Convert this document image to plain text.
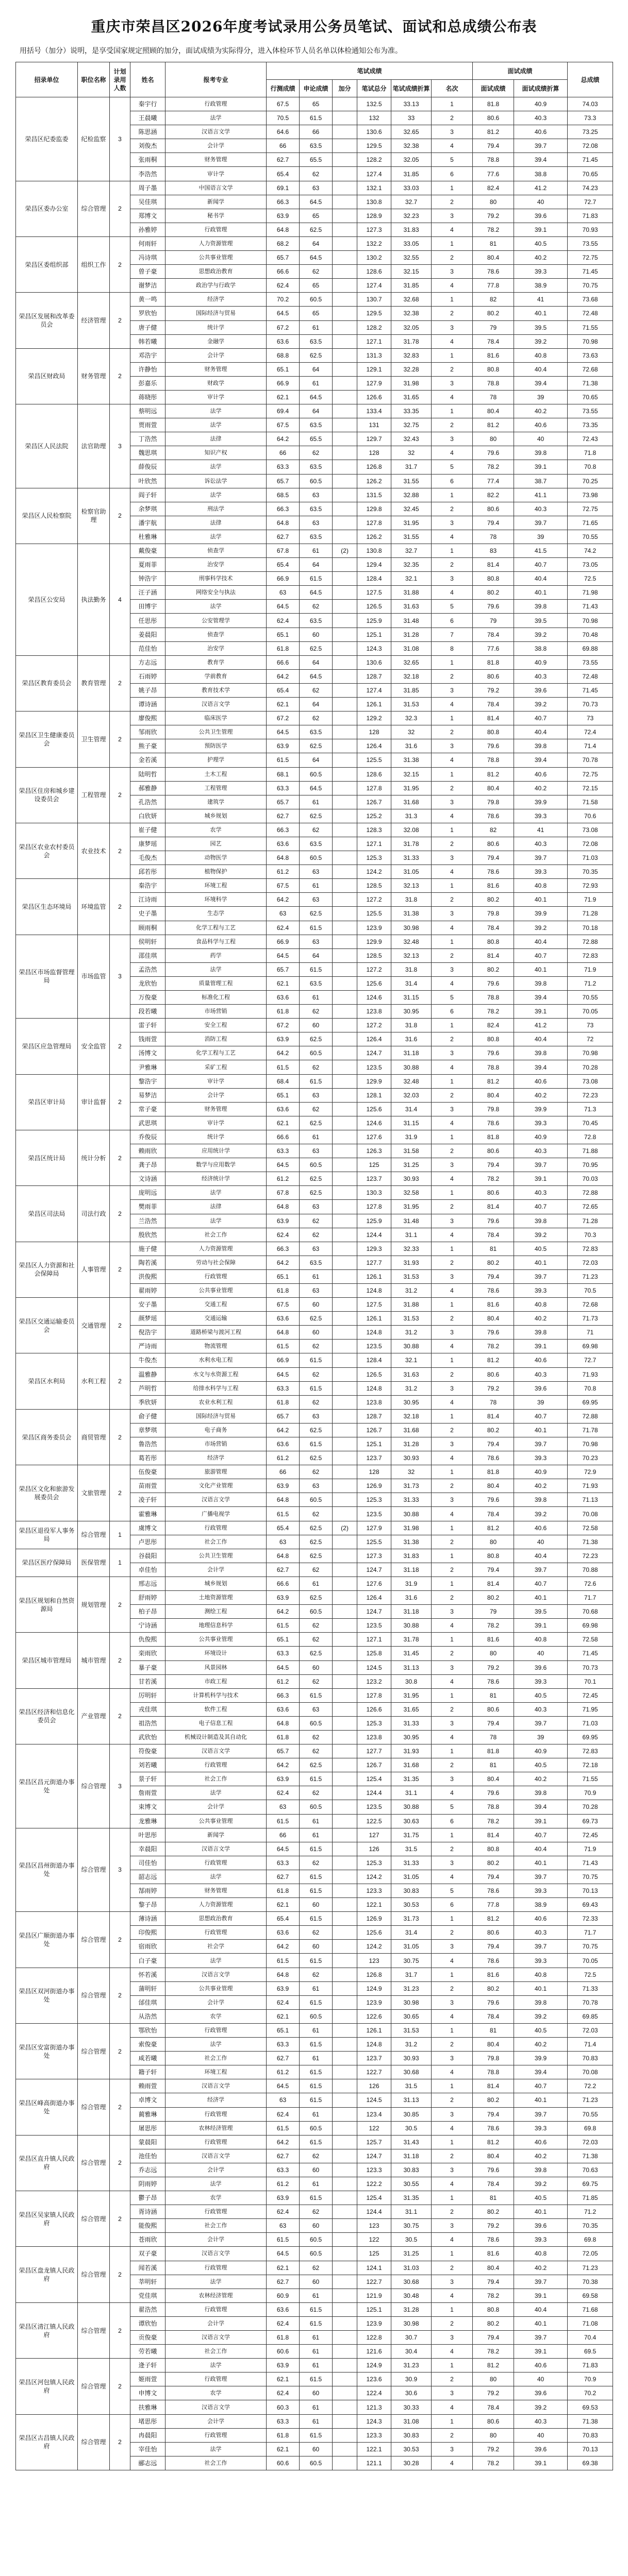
重庆市荣昌区2026年度考试录用公务员笔试、面试和总成绩公布表
用括号（加分）说明，是享受国家规定照顾的加分，面试成绩为实际得分，进入体检环节人员名单以体检通知公布为准。
招录单位	职位名称	计划录用人数	姓名	报考专业	笔试成绩						面试成绩		总成绩
					行测成绩	申论成绩	加分	笔试总分	笔试成绩折算	名次	面试成绩	面试成绩折算	
荣昌区纪委监委	纪检监察	3	秦宇行	行政管理	67.5	65		132.5	33.13	1	81.8	40.9	74.03
			王晨曦	法学	70.5	61.5		132	33	2	80.6	40.3	73.3
			陈思涵	汉语言文学	64.6	66		130.6	32.65	3	81.2	40.6	73.25
			刘俊杰	会计学	66	63.5		129.5	32.38	4	79.4	39.7	72.08
			张雨桐	财务管理	62.7	65.5		128.2	32.05	5	78.8	39.4	71.45
			李浩然	审计学	65.4	62		127.4	31.85	6	77.6	38.8	70.65
荣昌区委办公室	综合管理	2	周子墨	中国语言文学	69.1	63		132.1	33.03	1	82.4	41.2	74.23
			吴佳琪	新闻学	66.3	64.5		130.8	32.7	2	80	40	72.7
			郑博文	秘书学	63.9	65		128.9	32.23	3	79.2	39.6	71.83
			孙雅婷	行政管理	64.8	62.5		127.3	31.83	4	78.2	39.1	70.93
荣昌区委组织部	组织工作	2	何雨轩	人力资源管理	68.2	64		132.2	33.05	1	81	40.5	73.55
			冯诗琪	公共事业管理	65.7	64.5		130.2	32.55	2	80.4	40.2	72.75
			曾子豪	思想政治教育	66.6	62		128.6	32.15	3	78.6	39.3	71.45
			谢梦洁	政治学与行政学	62.4	65		127.4	31.85	4	77.8	38.9	70.75
荣昌区发展和改革委员会	经济管理	2	黄一鸣	经济学	70.2	60.5		130.7	32.68	1	82	41	73.68
			罗欣怡	国际经济与贸易	64.5	65		129.5	32.38	2	80.2	40.1	72.48
			唐子健	统计学	67.2	61		128.2	32.05	3	79	39.5	71.55
			韩若曦	金融学	63.6	63.5		127.1	31.78	4	78.4	39.2	70.98
荣昌区财政局	财务管理	2	邓浩宇	会计学	68.8	62.5		131.3	32.83	1	81.6	40.8	73.63
			许静怡	财务管理	65.1	64		129.1	32.28	2	80.8	40.4	72.68
			彭嘉乐	财政学	66.9	61		127.9	31.98	3	78.8	39.4	71.38
			蒋晓彤	审计学	62.1	64.5		126.6	31.65	4	78	39	70.65
荣昌区人民法院	法官助理	3	蔡明远	法学	69.4	64		133.4	33.35	1	80.4	40.2	73.55
			贾雨萱	法学	67.5	63.5		131	32.75	2	81.2	40.6	73.35
			丁浩然	法律	64.2	65.5		129.7	32.43	3	80	40	72.43
			魏思琪	知识产权	66	62		128	32	4	79.6	39.8	71.8
			薛俊辰	法学	63.3	63.5		126.8	31.7	5	78.2	39.1	70.8
			叶欣然	诉讼法学	65.7	60.5		126.2	31.55	6	77.4	38.7	70.25
荣昌区人民检察院	检察官助理	2	阎子轩	法学	68.5	63		131.5	32.88	1	82.2	41.1	73.98
			余梦琪	刑法学	66.3	63.5		129.8	32.45	2	80.6	40.3	72.75
			潘宇航	法律	64.8	63		127.8	31.95	3	79.4	39.7	71.65
			杜雅琳	法学	62.7	63.5		126.2	31.55	4	78	39	70.55
荣昌区公安局	执法勤务	4	戴俊豪	侦查学	67.8	61	(2)	130.8	32.7	1	83	41.5	74.2
			夏雨菲	治安学	65.4	64		129.4	32.35	2	81.4	40.7	73.05
			钟浩宇	刑事科学技术	66.9	61.5		128.4	32.1	3	80.8	40.4	72.5
			汪子涵	网络安全与执法	63	64.5		127.5	31.88	4	80.2	40.1	71.98
			田博宇	法学	64.5	62		126.5	31.63	5	79.6	39.8	71.43
			任思彤	公安管理学	62.4	63.5		125.9	31.48	6	79	39.5	70.98
			姜晨阳	侦查学	65.1	60		125.1	31.28	7	78.4	39.2	70.48
			范佳怡	治安学	61.8	62.5		124.3	31.08	8	77.6	38.8	69.88
荣昌区教育委员会	教育管理	2	方志远	教育学	66.6	64		130.6	32.65	1	81.8	40.9	73.55
			石雨婷	学前教育	64.2	64.5		128.7	32.18	2	80.6	40.3	72.48
			姚子昂	教育技术学	65.4	62		127.4	31.85	3	79.2	39.6	71.45
			谭诗涵	汉语言文学	62.1	64		126.1	31.53	4	78.4	39.2	70.73
荣昌区卫生健康委员会	卫生管理	2	廖俊熙	临床医学	67.2	62		129.2	32.3	1	81.4	40.7	73
			邹雨欣	公共卫生管理	64.5	63.5		128	32	2	80.8	40.4	72.4
			熊子豪	预防医学	63.9	62.5		126.4	31.6	3	79.6	39.8	71.4
			金若溪	护理学	61.5	64		125.5	31.38	4	78.8	39.4	70.78
荣昌区住房和城乡建设委员会	工程管理	2	陆明哲	土木工程	68.1	60.5		128.6	32.15	1	81.2	40.6	72.75
			郝雅静	工程管理	63.3	64.5		127.8	31.95	2	80.4	40.2	72.15
			孔浩然	建筑学	65.7	61		126.7	31.68	3	79.8	39.9	71.58
			白欣妍	城乡规划	62.7	62.5		125.2	31.3	4	78.6	39.3	70.6
荣昌区农业农村委员会	农业技术	2	崔子健	农学	66.3	62		128.3	32.08	1	82	41	73.08
			康梦瑶	园艺	63.6	63.5		127.1	31.78	2	80.6	40.3	72.08
			毛俊杰	动物医学	64.8	60.5		125.3	31.33	3	79.4	39.7	71.03
			邱若彤	植物保护	61.2	63		124.2	31.05	4	78.6	39.3	70.35
荣昌区生态环境局	环境监管	2	秦浩宇	环境工程	67.5	61		128.5	32.13	1	81.6	40.8	72.93
			江诗雨	环境科学	64.2	63		127.2	31.8	2	80.2	40.1	71.9
			史子墨	生态学	63	62.5		125.5	31.38	3	79.8	39.9	71.28
			顾雨桐	化学工程与工艺	62.4	61.5		123.9	30.98	4	78.4	39.2	70.18
荣昌区市场监督管理局	市场监管	3	侯明轩	食品科学与工程	66.9	63		129.9	32.48	1	80.8	40.4	72.88
			邵佳琪	药学	64.5	64		128.5	32.13	2	81.4	40.7	72.83
			孟浩然	法学	65.7	61.5		127.2	31.8	3	80.2	40.1	71.9
			龙欣怡	质量管理工程	62.1	63.5		125.6	31.4	4	79.6	39.8	71.2
			万俊豪	标准化工程	63.6	61		124.6	31.15	5	78.8	39.4	70.55
			段若曦	市场营销	61.8	62		123.8	30.95	6	78.2	39.1	70.05
荣昌区应急管理局	安全监管	2	雷子轩	安全工程	67.2	60		127.2	31.8	1	82.4	41.2	73
			钱雨萱	消防工程	63.9	62.5		126.4	31.6	2	80.8	40.4	72
			汤博文	化学工程与工艺	64.2	60.5		124.7	31.18	3	79.6	39.8	70.98
			尹雅琳	采矿工程	61.5	62		123.5	30.88	4	78.8	39.4	70.28
荣昌区审计局	审计监督	2	黎浩宇	审计学	68.4	61.5		129.9	32.48	1	81.2	40.6	73.08
			易梦洁	会计学	65.1	63		128.1	32.03	2	80.4	40.2	72.23
			常子豪	财务管理	63.6	62		125.6	31.4	3	79.8	39.9	71.3
			武思琪	审计学	62.1	62.5		124.6	31.15	4	78.6	39.3	70.45
荣昌区统计局	统计分析	2	乔俊辰	统计学	66.6	61		127.6	31.9	1	81.8	40.9	72.8
			赖雨欣	应用统计学	63.3	63		126.3	31.58	2	80.6	40.3	71.88
			龚子昂	数学与应用数学	64.5	60.5		125	31.25	3	79.4	39.7	70.95
			文诗涵	经济统计学	61.2	62.5		123.7	30.93	4	78.2	39.1	70.03
荣昌区司法局	司法行政	2	庞明远	法学	67.8	62.5		130.3	32.58	1	80.6	40.3	72.88
			樊雨菲	法律	64.8	63		127.8	31.95	2	81.4	40.7	72.65
			兰浩然	法学	63.9	62		125.9	31.48	3	79.6	39.8	71.28
			殷欣然	社会工作	62.4	62		124.4	31.1	4	78.4	39.2	70.3
荣昌区人力资源和社会保障局	人事管理	2	施子健	人力资源管理	66.3	63		129.3	32.33	1	81	40.5	72.83
			陶若溪	劳动与社会保障	64.2	63.5		127.7	31.93	2	80.2	40.1	72.03
			洪俊熙	行政管理	65.1	61		126.1	31.53	3	79.4	39.7	71.23
			翟雨婷	公共事业管理	61.8	63		124.8	31.2	4	78.6	39.3	70.5
荣昌区交通运输委员会	交通管理	2	安子墨	交通工程	67.5	60		127.5	31.88	1	81.6	40.8	72.68
			颜梦瑶	交通运输	63.6	62.5		126.1	31.53	2	80.4	40.2	71.73
			倪浩宇	道路桥梁与渡河工程	64.8	60		124.8	31.2	3	79.6	39.8	71
			严诗雨	物流管理	61.5	62		123.5	30.88	4	78.2	39.1	69.98
荣昌区水利局	水利工程	2	牛俊杰	水利水电工程	66.9	61.5		128.4	32.1	1	81.2	40.6	72.7
			温雅静	水文与水资源工程	64.5	62		126.5	31.63	2	80.6	40.3	71.93
			芦明哲	给排水科学与工程	63.3	61.5		124.8	31.2	3	79.2	39.6	70.8
			季欣妍	农业水利工程	61.8	62		123.8	30.95	4	78	39	69.95
荣昌区商务委员会	商贸管理	2	俞子健	国际经济与贸易	65.7	63		128.7	32.18	1	81.4	40.7	72.88
			章梦琪	电子商务	64.2	62.5		126.7	31.68	2	80.2	40.1	71.78
			鲁浩然	市场营销	63.6	61.5		125.1	31.28	3	79.4	39.7	70.98
			葛若彤	经济学	61.2	62.5		123.7	30.93	4	78.6	39.3	70.23
荣昌区文化和旅游发展委员会	文旅管理	2	伍俊豪	旅游管理	66	62		128	32	1	81.8	40.9	72.9
			苗雨萱	文化产业管理	63.9	63		126.9	31.73	2	80.4	40.2	71.93
			凌子轩	汉语言文学	64.8	60.5		125.3	31.33	3	79.6	39.8	71.13
			霍雅琳	广播电视学	61.5	62		123.5	30.88	4	78.4	39.2	70.08
荣昌区退役军人事务局	综合管理	1	虞博文	行政管理	65.4	62.5	(2)	127.9	31.98	1	81.2	40.6	72.58
			卢思彤	社会工作	63	62.5		125.5	31.38	2	80	40	71.38
荣昌区医疗保障局	医保管理	1	谷晨阳	公共卫生管理	64.8	62.5		127.3	31.83	1	80.8	40.4	72.23
			卓佳怡	会计学	62.7	62		124.7	31.18	2	79.4	39.7	70.88
荣昌区规划和自然资源局	规划管理	2	邢志远	城乡规划	66.6	61		127.6	31.9	1	81.4	40.7	72.6
			舒雨婷	土地资源管理	63.9	62.5		126.4	31.6	2	80.2	40.1	71.7
			柏子昂	测绘工程	64.2	60.5		124.7	31.18	3	79	39.5	70.68
			宁诗涵	地理信息科学	61.5	62		123.5	30.88	4	78.2	39.1	69.98
荣昌区城市管理局	城市管理	2	仇俊熙	公共事业管理	65.1	62		127.1	31.78	1	81.6	40.8	72.58
			栾雨欣	环境设计	63.3	62.5		125.8	31.45	2	80	40	71.45
			暴子豪	风景园林	64.5	60		124.5	31.13	3	79.2	39.6	70.73
			甘若溪	市政工程	61.2	62		123.2	30.8	4	78.6	39.3	70.1
荣昌区经济和信息化委员会	产业管理	2	厉明轩	计算机科学与技术	66.3	61.5		127.8	31.95	1	81	40.5	72.45
			戎佳琪	软件工程	63.6	63		126.6	31.65	2	80.6	40.3	71.95
			祖浩然	电子信息工程	64.8	60.5		125.3	31.33	3	79.4	39.7	71.03
			武欣怡	机械设计制造及其自动化	61.8	62		123.8	30.95	4	78	39	69.95
荣昌区昌元街道办事处	综合管理	3	符俊豪	汉语言文学	65.7	62		127.7	31.93	1	81.8	40.9	72.83
			刘若曦	行政管理	64.2	62.5		126.7	31.68	2	81	40.5	72.18
			景子轩	社会工作	63.9	61.5		125.4	31.35	3	80.4	40.2	71.55
			詹雨萱	法学	62.4	62		124.4	31.1	4	79.6	39.8	70.9
			束博文	会计学	63	60.5		123.5	30.88	5	78.8	39.4	70.28
			龙雅琳	公共事业管理	61.5	61		122.5	30.63	6	78.2	39.1	69.73
荣昌区昌州街道办事处	综合管理	3	叶思彤	新闻学	66	61		127	31.75	1	81.4	40.7	72.45
			幸晨阳	汉语言文学	64.5	61.5		126	31.5	2	80.8	40.4	71.9
			司佳怡	行政管理	63.3	62		125.3	31.33	3	80.2	40.1	71.43
			韶志远	法学	62.7	61.5		124.2	31.05	4	79.4	39.7	70.75
			郜雨婷	财务管理	61.8	61.5		123.3	30.83	5	78.6	39.3	70.13
			黎子昂	人力资源管理	62.1	60		122.1	30.53	6	77.8	38.9	69.43
荣昌区广顺街道办事处	综合管理	2	薄诗涵	思想政治教育	65.4	61.5		126.9	31.73	1	81.2	40.6	72.33
			印俊熙	行政管理	63.6	62		125.6	31.4	2	80.6	40.3	71.7
			宿雨欣	社会学	64.2	60		124.2	31.05	3	79.4	39.7	70.75
			白子豪	法学	61.5	61.5		123	30.75	4	78.6	39.3	70.05
荣昌区双河街道办事处	综合管理	2	怀若溪	汉语言文学	64.8	62		126.8	31.7	1	81.6	40.8	72.5
			蒲明轩	公共事业管理	63.9	61		124.9	31.23	2	80.2	40.1	71.33
			邰佳琪	会计学	62.4	61.5		123.9	30.98	3	79.6	39.8	70.78
			从浩然	农学	62.1	60.5		122.6	30.65	4	78.4	39.2	69.85
荣昌区安富街道办事处	综合管理	2	鄂欣怡	行政管理	65.1	61		126.1	31.53	1	81	40.5	72.03
			索俊豪	法学	63.3	61.5		124.8	31.2	2	80.4	40.2	71.4
			咸若曦	社会工作	62.7	61		123.7	30.93	3	79.8	39.9	70.83
			籍子轩	环境工程	61.2	61.5		122.7	30.68	4	78.8	39.4	70.08
荣昌区峰高街道办事处	综合管理	2	赖雨萱	汉语言文学	64.5	61.5		126	31.5	1	81.4	40.7	72.2
			卓博文	经济学	63	61.5		124.5	31.13	2	80.2	40.1	71.23
			蔺雅琳	行政管理	62.4	61		123.4	30.85	3	79.4	39.7	70.55
			屠思彤	农林经济管理	61.5	60.5		122	30.5	4	78.6	39.3	69.8
荣昌区直升镇人民政府	综合管理	2	蒙晨阳	行政管理	64.2	61.5		125.7	31.43	1	81.2	40.6	72.03
			池佳怡	汉语言文学	62.7	62		124.7	31.18	2	80.4	40.2	71.38
			乔志远	会计学	63.3	60		123.3	30.83	3	79.6	39.8	70.63
			阴雨婷	法学	61.2	61		122.2	30.55	4	78.4	39.2	69.75
荣昌区吴家镇人民政府	综合管理	2	鬱子昂	农学	63.9	61.5		125.4	31.35	1	81	40.5	71.85
			胥诗涵	行政管理	62.4	62		124.4	31.1	2	80.2	40.1	71.2
			能俊熙	社会工作	63	60		123	30.75	3	79.2	39.6	70.35
			苍雨欣	会计学	61.5	60.5		122	30.5	4	78.6	39.3	69.8
荣昌区盘龙镇人民政府	综合管理	2	双子豪	汉语言文学	64.5	60.5		125	31.25	1	81.6	40.8	72.05
			闻若溪	行政管理	62.1	62		124.1	31.03	2	80.4	40.2	71.23
			莘明轩	法学	62.7	60		122.7	30.68	3	79.4	39.7	70.38
			党佳琪	农林经济管理	60.9	61		121.9	30.48	4	78.2	39.1	69.58
荣昌区清江镇人民政府	综合管理	2	翟浩然	行政管理	63.6	61.5		125.1	31.28	1	80.8	40.4	71.68
			谭欣怡	会计学	62.4	61.5		123.9	30.98	2	80.2	40.1	71.08
			贡俊豪	汉语言文学	61.8	61		122.8	30.7	3	79.4	39.7	70.4
			劳若曦	社会工作	60.6	61		121.6	30.4	4	78.2	39.1	69.5
荣昌区河包镇人民政府	综合管理	2	逄子轩	法学	63.9	61		124.9	31.23	1	81.2	40.6	71.83
			姬雨萱	行政管理	62.1	61.5		123.6	30.9	2	80	40	70.9
			申博文	农学	62.4	60		122.4	30.6	3	79.2	39.6	70.2
			扶雅琳	汉语言文学	60.3	61		121.3	30.33	4	78.4	39.2	69.53
荣昌区古昌镇人民政府	综合管理	2	堵思彤	会计学	63.3	61		124.3	31.08	1	80.6	40.3	71.38
			冉晨阳	行政管理	61.8	61.5		123.3	30.83	2	80	40	70.83
			宰佳怡	法学	62.1	60		122.1	30.53	3	79.2	39.6	70.13
			郦志远	社会工作	60.6	60.5		121.1	30.28	4	78.2	39.1	69.38
